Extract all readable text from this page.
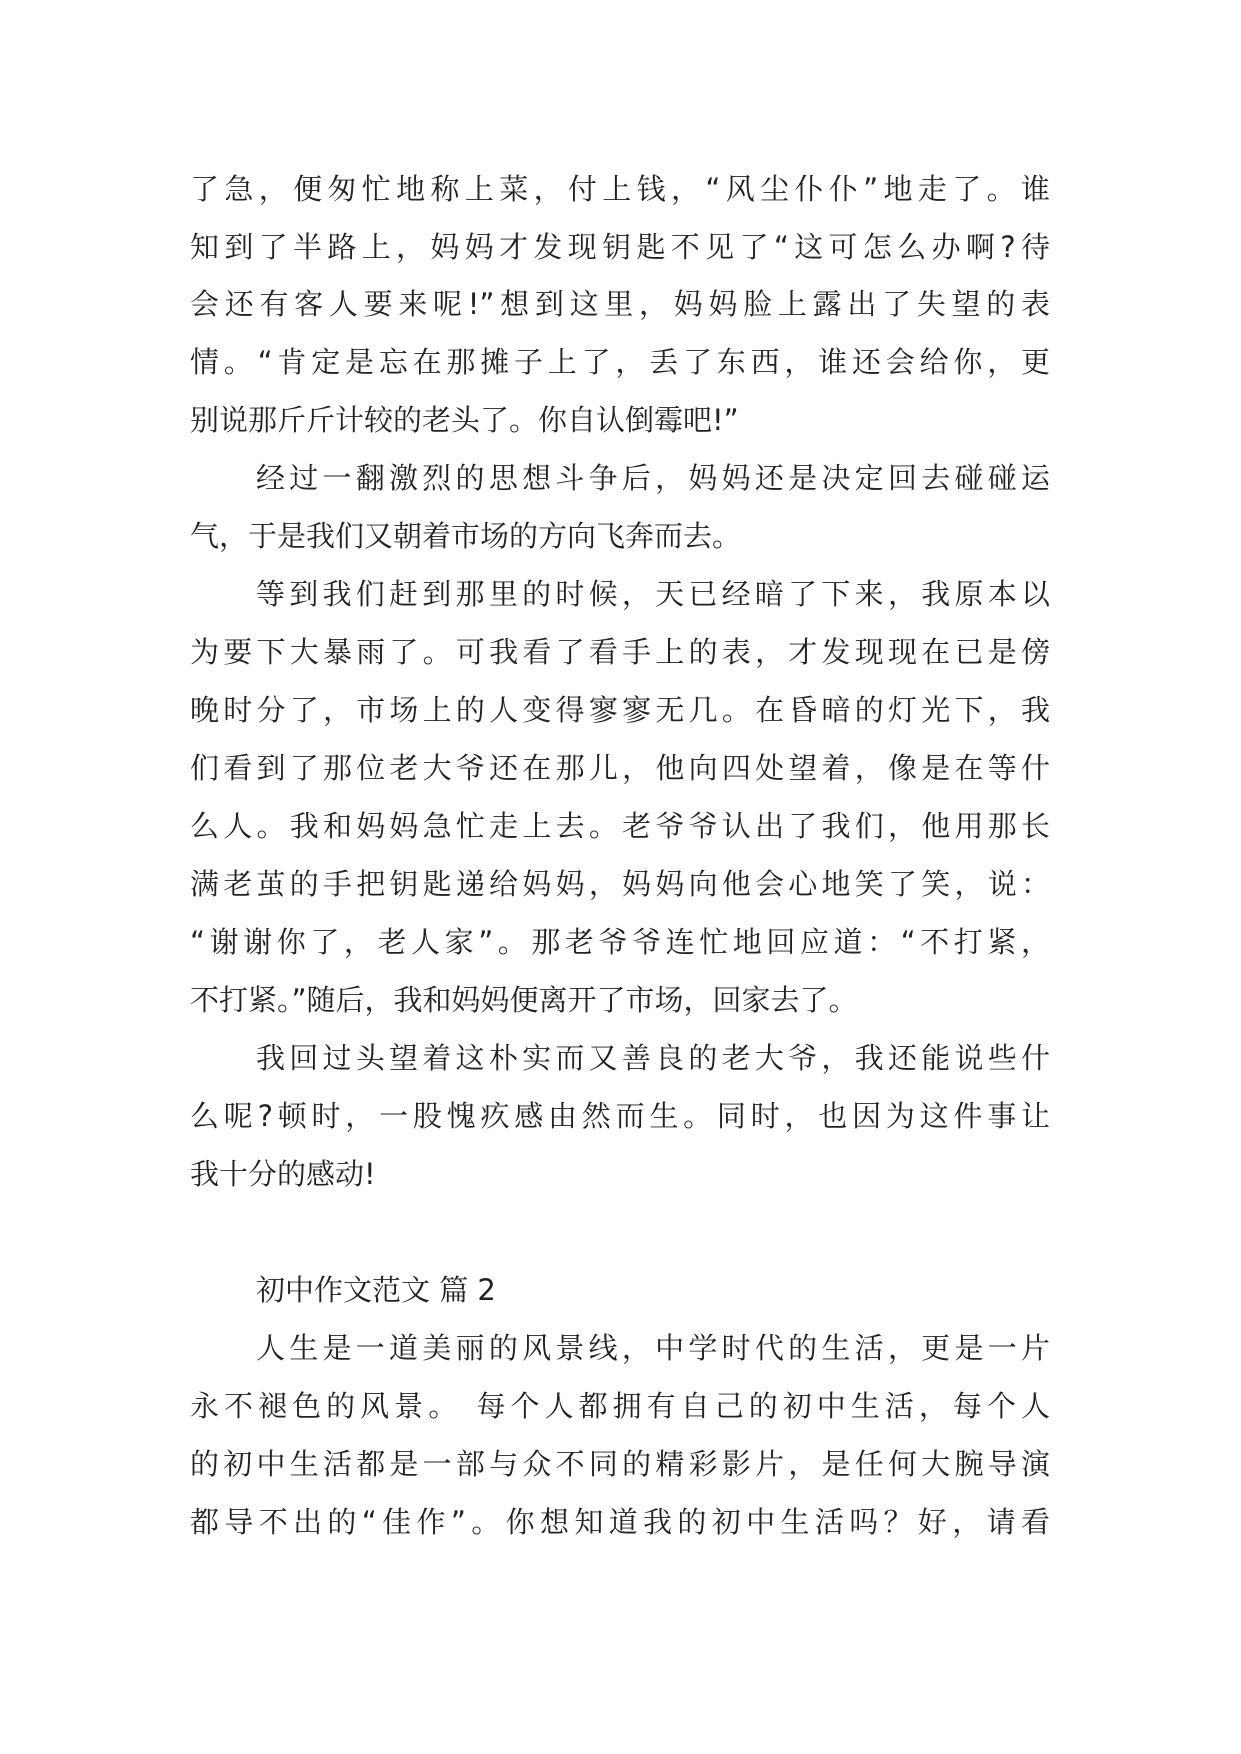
了急，便匆忙地称上菜，付上钱，“风尘仆仆”地走了。谁
知到了半路上，妈妈才发现钥匙不见了“这可怎么办啊?待
会还有客人要来呢!”想到这里，妈妈脸上露出了失望的表
情。“肯定是忘在那摊子上了，丢了东西，谁还会给你，更
别说那斤斤计较的老头了。你自认倒霉吧!”
经过一翻激烈的思想斗争后，妈妈还是决定回去碰碰运
气，于是我们又朝着市场的方向飞奔而去。
等到我们赶到那里的时候，天已经暗了下来，我原本以
为要下大暴雨了。可我看了看手上的表，才发现现在已是傍
晚时分了，市场上的人变得寥寥无几。在昏暗的灯光下，我
们看到了那位老大爷还在那儿，他向四处望着，像是在等什
么人。我和妈妈急忙走上去。老爷爷认出了我们，他用那长
满老茧的手把钥匙递给妈妈，妈妈向他会心地笑了笑，说：
“谢谢你了，老人家”。那老爷爷连忙地回应道：“不打紧，
不打紧。”随后，我和妈妈便离开了市场，回家去了。
我回过头望着这朴实而又善良的老大爷，我还能说些什
么呢?顿时，一股愧疚感由然而生。同时，也因为这件事让
我十分的感动!
初中作文范文 篇 2
人生是一道美丽的风景线，中学时代的生活，更是一片
永不褪色的风景。 每个人都拥有自己的初中生活，每个人
的初中生活都是一部与众不同的精彩影片，是任何大腕导演
都导不出的“佳作”。你想知道我的初中生活吗？好，请看
